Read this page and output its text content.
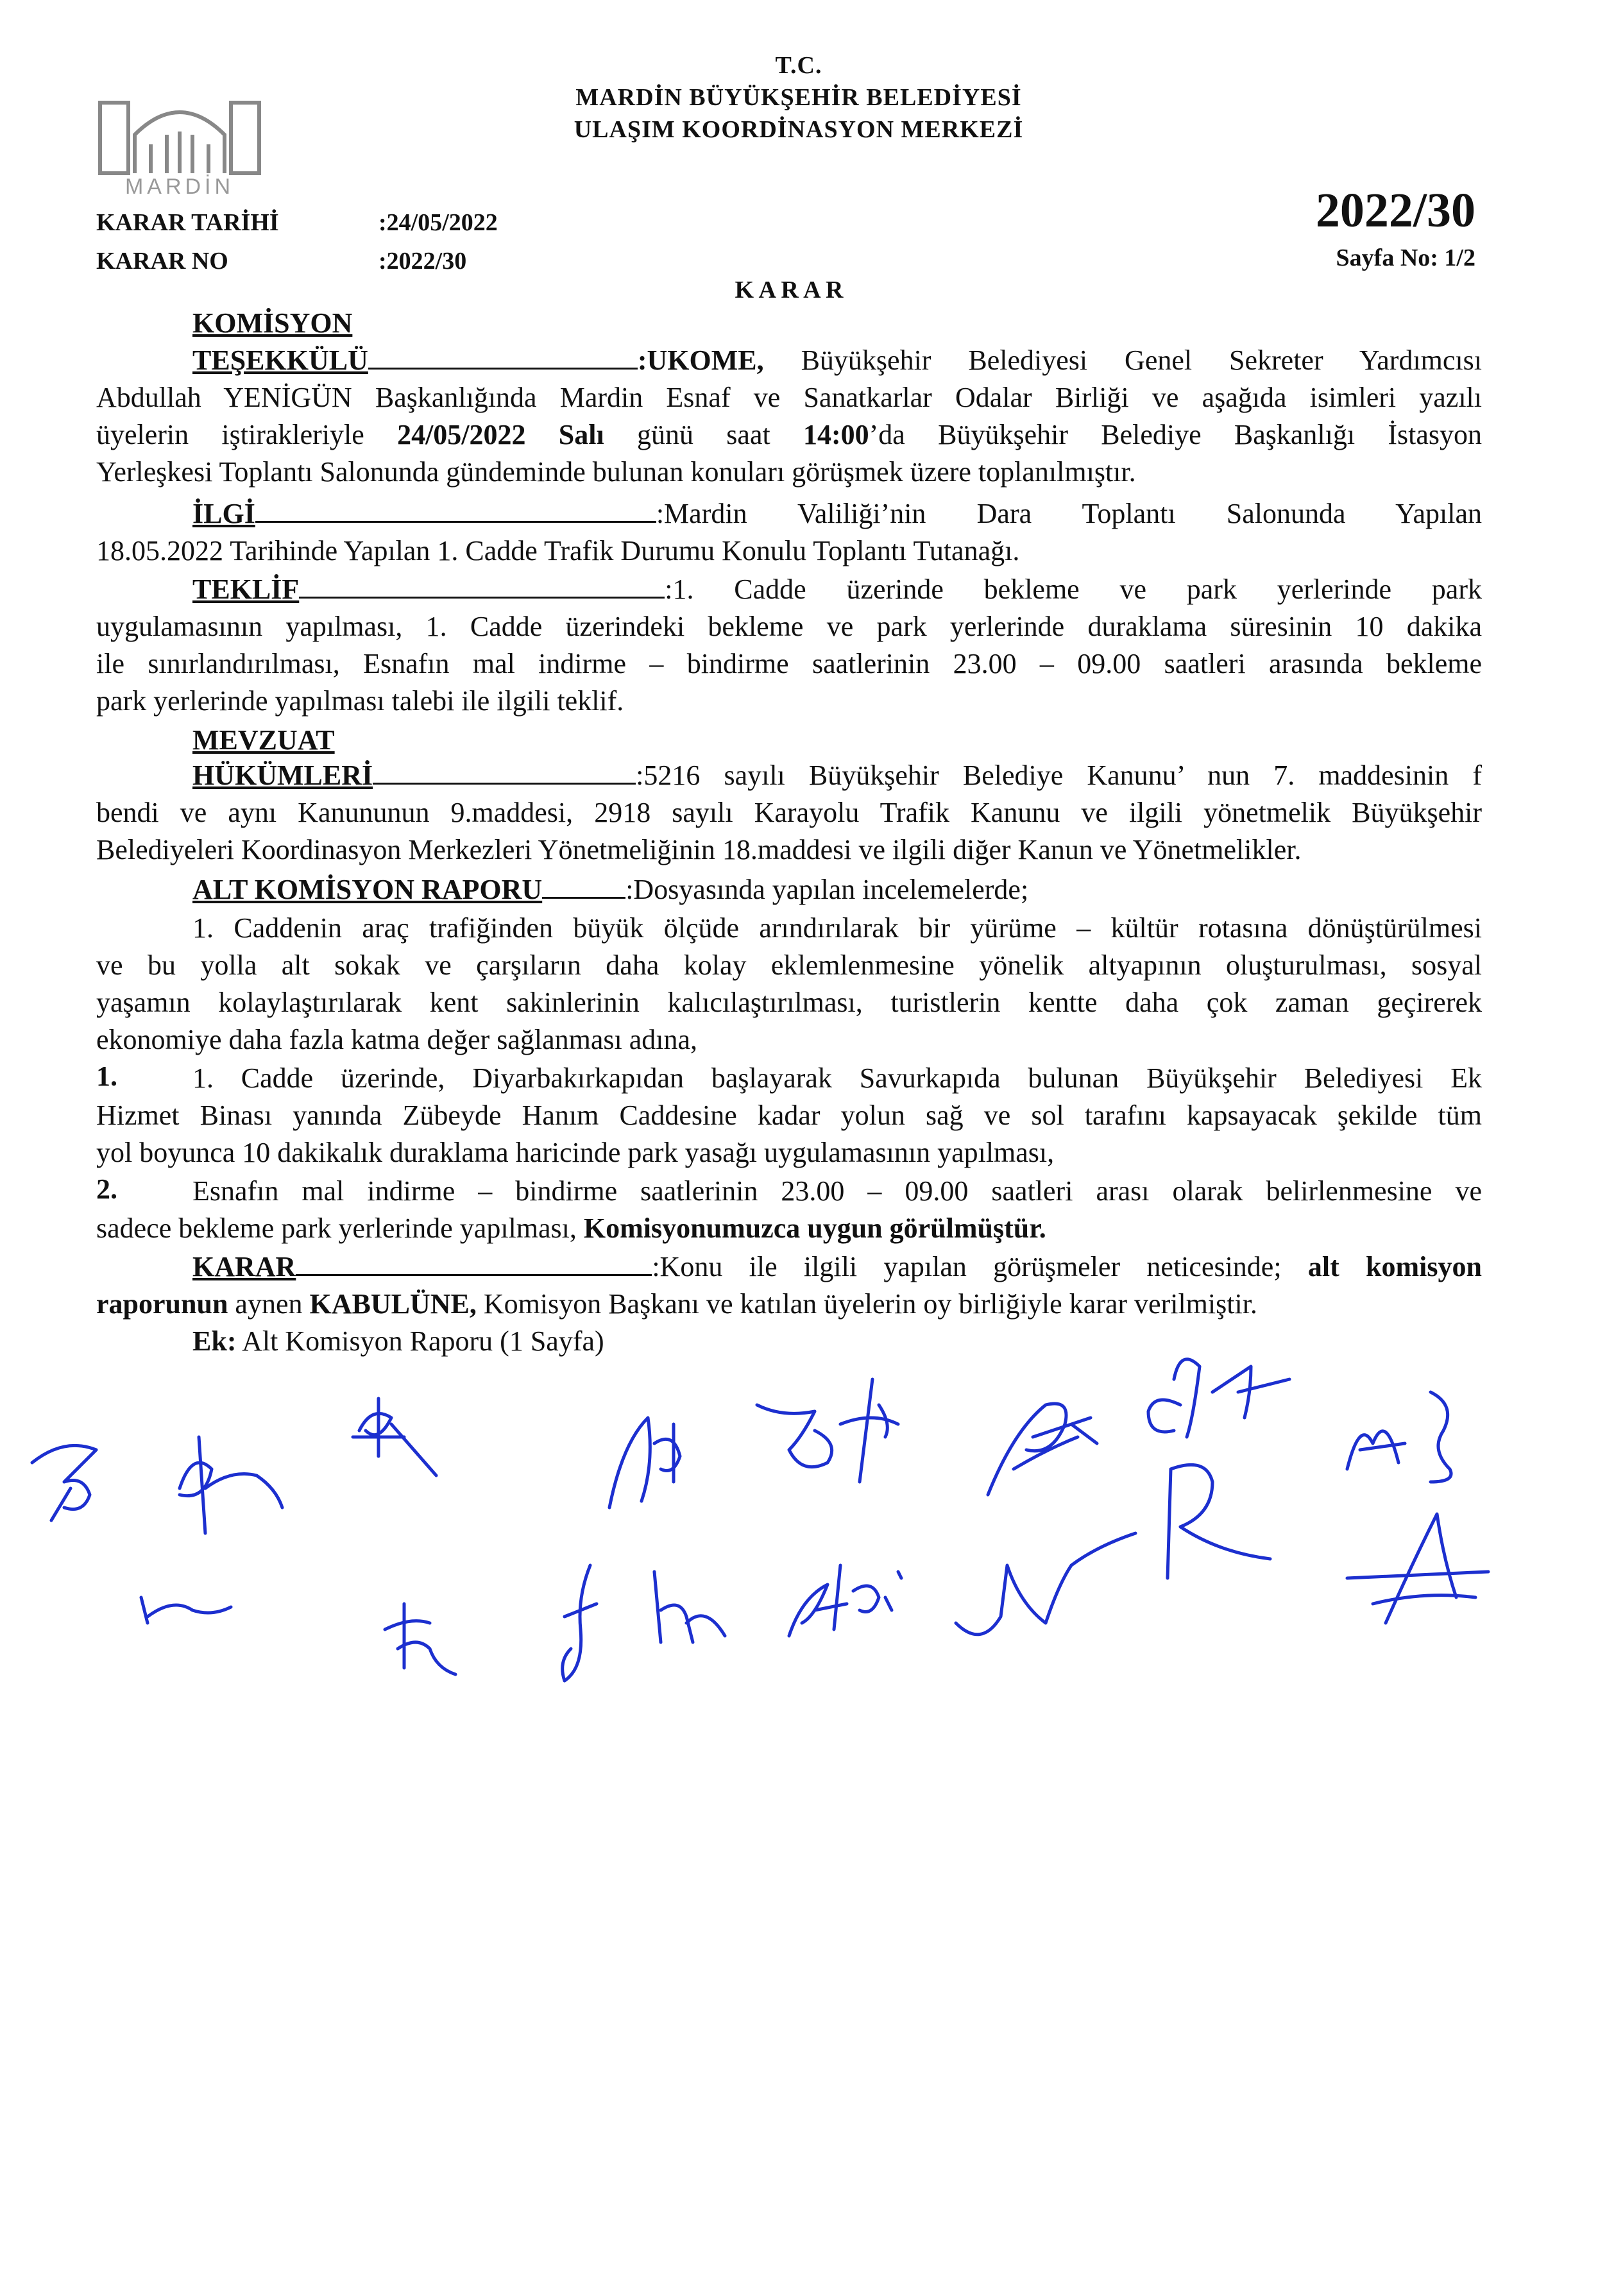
MARDİN
T.C.
MARDİN BÜYÜKŞEHİR BELEDİYESİ
ULAŞIM KOORDİNASYON MERKEZİ
KARAR TARİHİ	:24/05/2022
KARAR NO	:2022/30
2022/30
Sayfa No: 1/2
K A R A R
KOMİSYON
TEŞEKKÜLÜ	:UKOME, Büyükşehir Belediyesi Genel Sekreter Yardımcısı
Abdullah YENİGÜN Başkanlığında Mardin Esnaf ve Sanatkarlar Odalar Birliği ve aşağıda isimleri yazılı
üyelerin iştirakleriyle 24/05/2022 Salı günü saat 14:00’da Büyükşehir Belediye Başkanlığı İstasyon
Yerleşkesi Toplantı Salonunda gündeminde bulunan konuları görüşmek üzere toplanılmıştır.
İLGİ	:Mardin Valiliği’nin Dara Toplantı Salonunda Yapılan
18.05.2022 Tarihinde Yapılan 1. Cadde Trafik Durumu Konulu Toplantı Tutanağı.
TEKLİF	:1. Cadde üzerinde bekleme ve park yerlerinde park
uygulamasının yapılması, 1. Cadde üzerindeki bekleme ve park yerlerinde duraklama süresinin 10 dakika
ile sınırlandırılması, Esnafın mal indirme – bindirme saatlerinin 23.00 – 09.00 saatleri arasında bekleme
park yerlerinde yapılması talebi ile ilgili teklif.
MEVZUAT
HÜKÜMLERİ	:5216 sayılı Büyükşehir Belediye Kanunu’ nun 7. maddesinin f
bendi ve aynı Kanununun 9.maddesi, 2918 sayılı Karayolu Trafik Kanunu ve ilgili yönetmelik Büyükşehir
Belediyeleri Koordinasyon Merkezleri Yönetmeliğinin 18.maddesi ve ilgili diğer Kanun ve Yönetmelikler.
ALT KOMİSYON RAPORU	:Dosyasında yapılan incelemelerde;
1. Caddenin araç trafiğinden büyük ölçüde arındırılarak bir yürüme – kültür rotasına dönüştürülmesi
ve bu yolla alt sokak ve çarşıların daha kolay eklemlenmesine yönelik altyapının oluşturulması, sosyal
yaşamın kolaylaştırılarak kent sakinlerinin kalıcılaştırılması, turistlerin kentte daha çok zaman geçirerek
ekonomiye daha fazla katma değer sağlanması adına,
1.	1. Cadde üzerinde, Diyarbakırkapıdan başlayarak Savurkapıda bulunan Büyükşehir Belediyesi Ek
Hizmet Binası yanında Zübeyde Hanım Caddesine kadar yolun sağ ve sol tarafını kapsayacak şekilde tüm
yol boyunca 10 dakikalık duraklama haricinde park yasağı uygulamasının yapılması,
2.	Esnafın mal indirme – bindirme saatlerinin 23.00 – 09.00 saatleri arası olarak belirlenmesine ve
sadece bekleme park yerlerinde yapılması, Komisyonumuzca uygun görülmüştür.
KARAR	:Konu ile ilgili yapılan görüşmeler neticesinde; alt komisyon
raporunun aynen KABULÜNE, Komisyon Başkanı ve katılan üyelerin oy birliğiyle karar verilmiştir.
Ek: Alt Komisyon Raporu (1 Sayfa)
